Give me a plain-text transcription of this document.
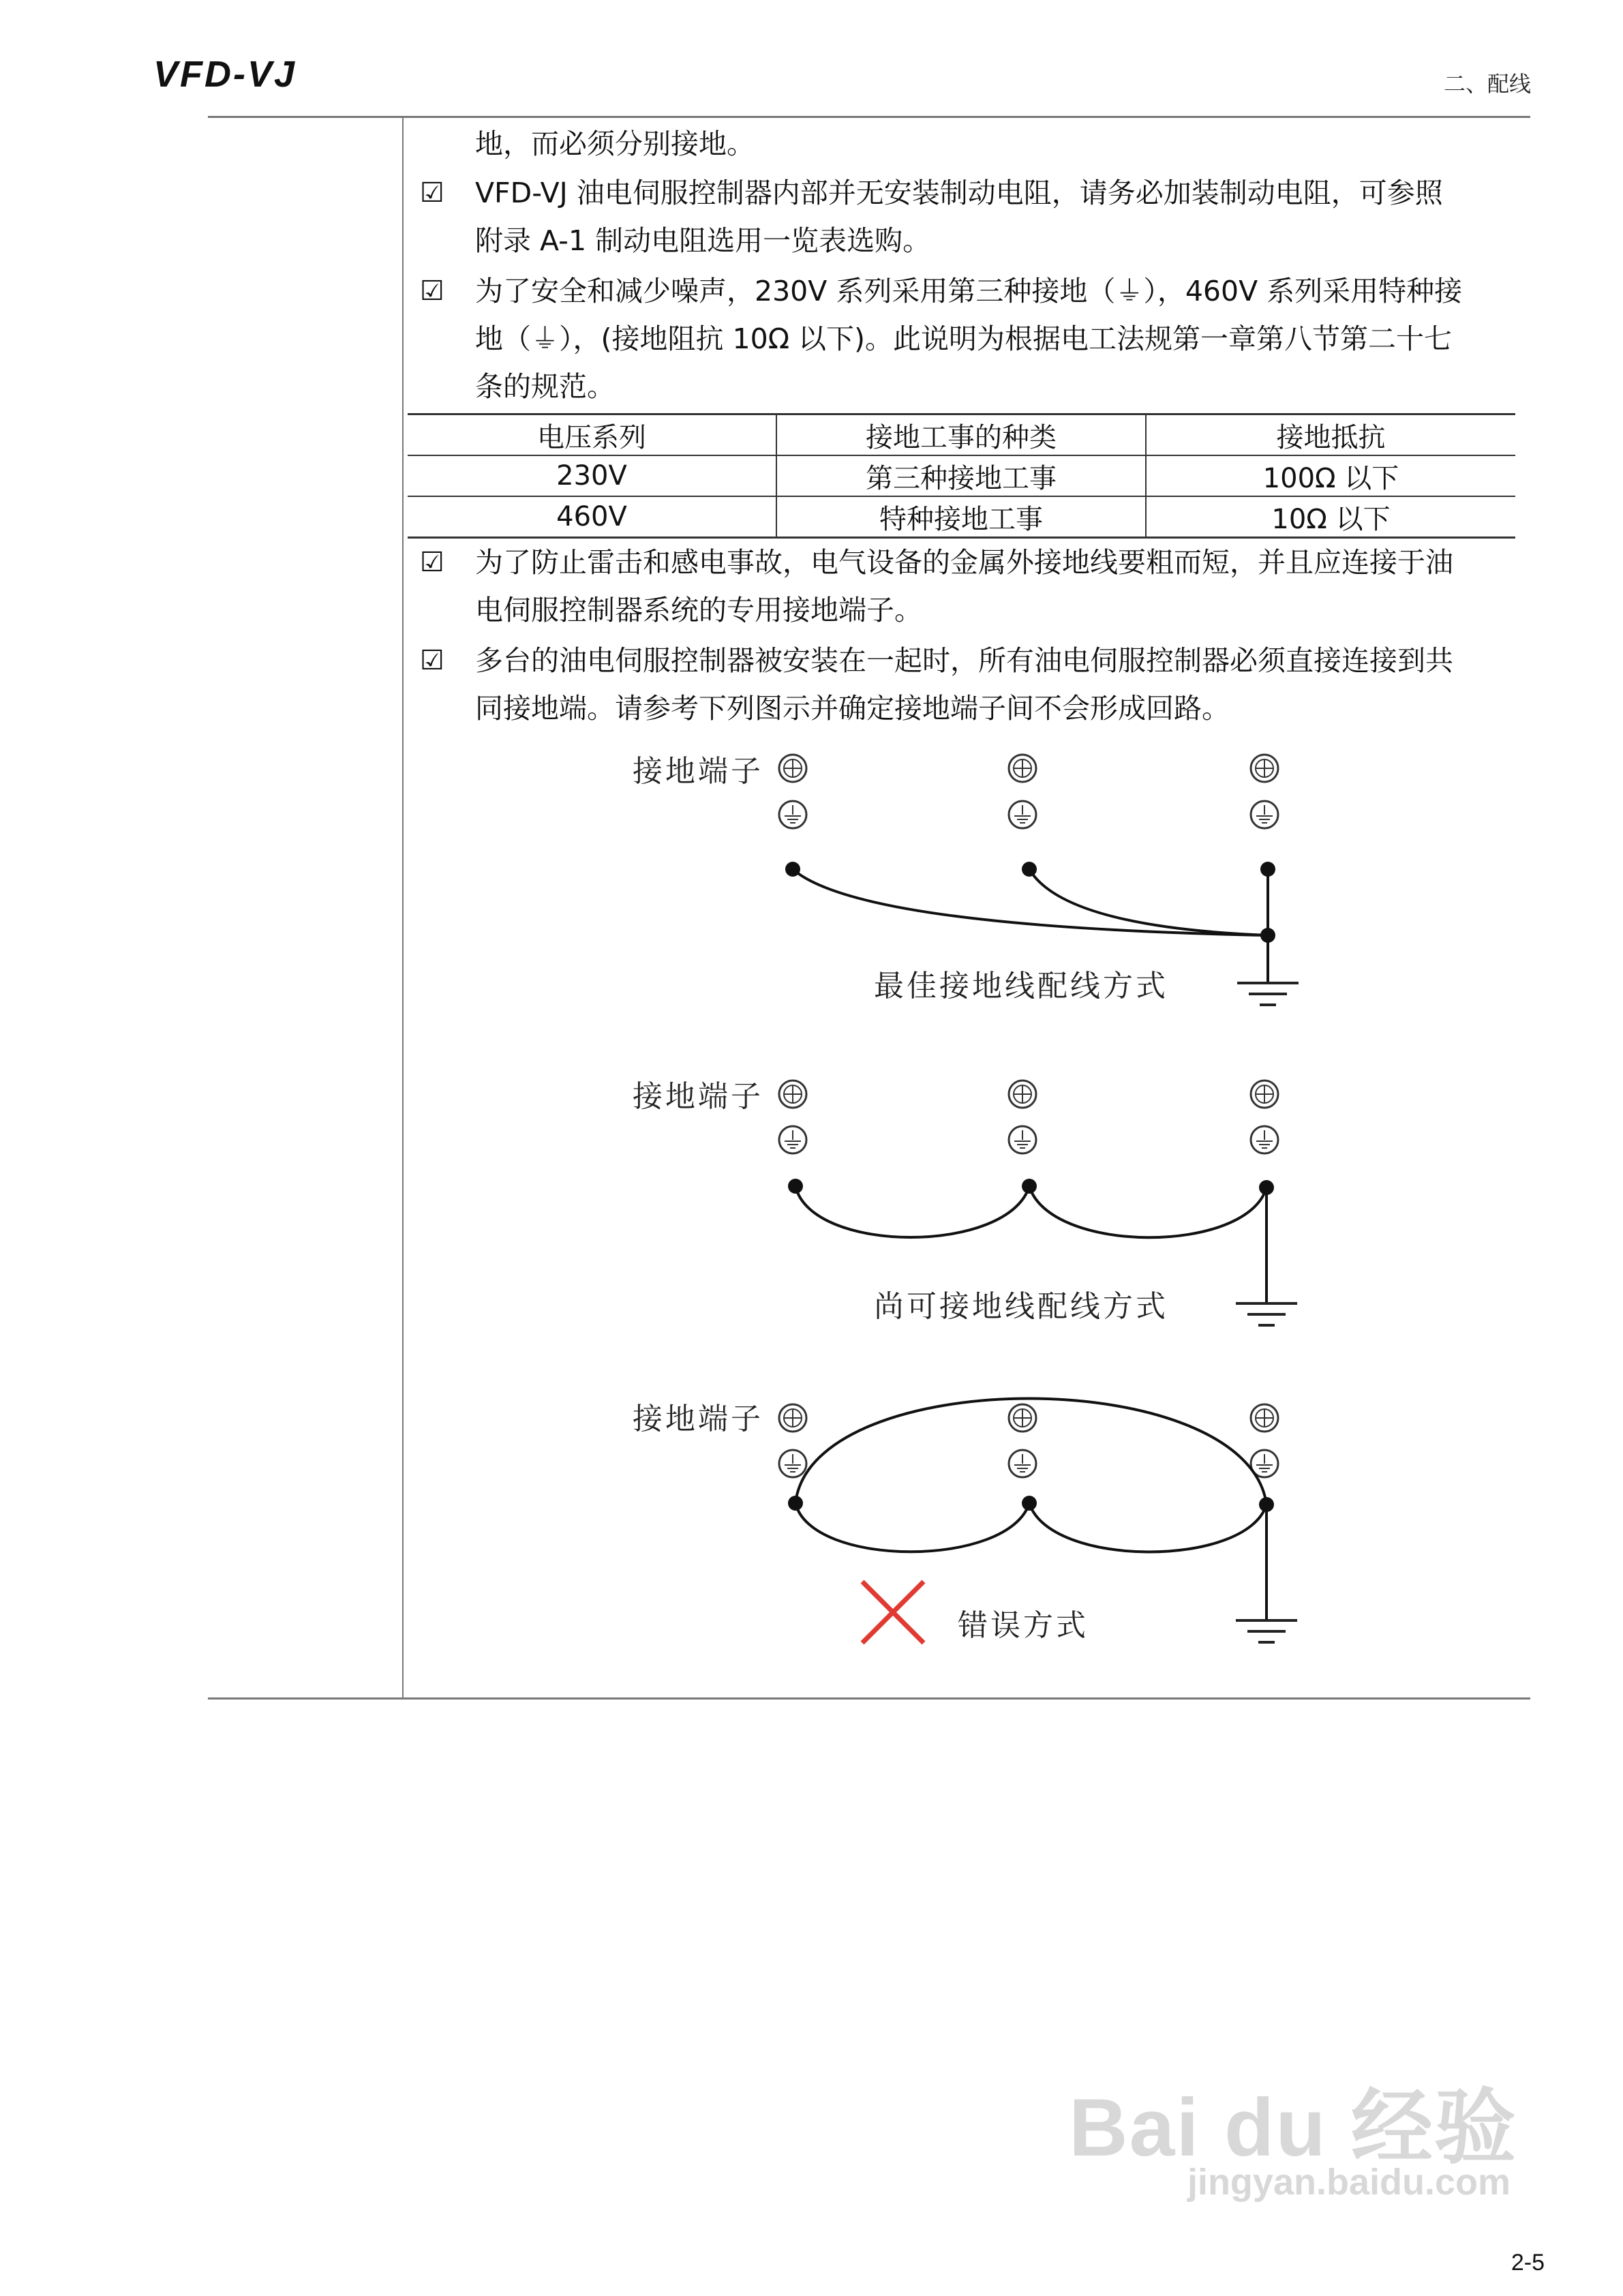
VFD-VJ	二、配线
地，而必须分别接地。
☑ VFD-VJ 油电伺服控制器内部并无安装制动电阻，请务必加装制动电阻，可参照
附录 A-1 制动电阻选用一览表选购。
☑ 为了安全和减少噪声，230V 系列采用第三种接地（⏚），460V 系列采用特种接
地（⏚），(接地阻抗 10Ω 以下)。此说明为根据电工法规第一章第八节第二十七
条的规范。
电压系列	接地工事的种类	接地抵抗
230V	第三种接地工事	100Ω 以下
460V	特种接地工事	10Ω 以下
☑ 为了防止雷击和感电事故，电气设备的金属外接地线要粗而短，并且应连接于油
电伺服控制器系统的专用接地端子。
☑ 多台的油电伺服控制器被安装在一起时，所有油电伺服控制器必须直接连接到共
同接地端。请参考下列图示并确定接地端子间不会形成回路。
接地端子
最佳接地线配线方式
接地端子
尚可接地线配线方式
接地端子
错误方式
Bai du 经验
jingyan.baidu.com
2-5
